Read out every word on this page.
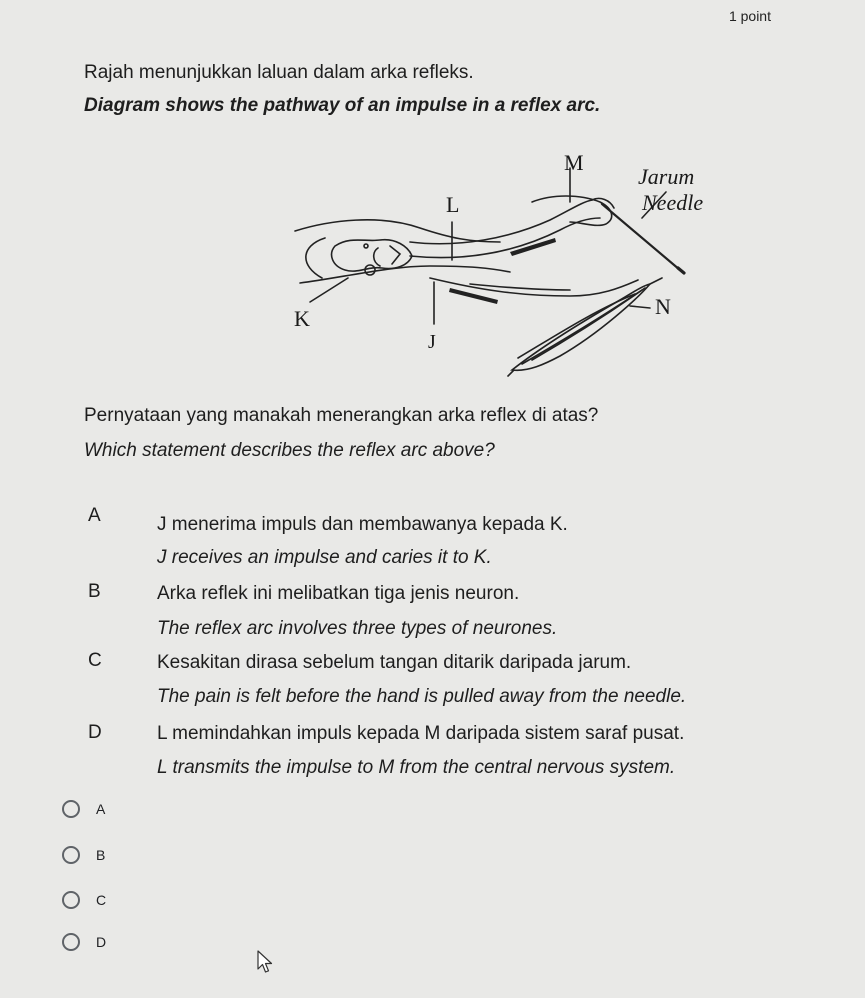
1 point
Rajah menunjukkan laluan dalam arka refleks.
Diagram shows the pathway of an impulse in a reflex arc.
M
Jarum
L	Needle
N
K
J
Pernyataan yang manakah menerangkan arka reflex di atas?
Which statement describes the reflex arc above?
A	J menerima impuls dan membawanya kepada K.
J receives an impulse and caries it to K.
B	Arka reflek ini melibatkan tiga jenis neuron.
The reflex arc involves three types of neurones.
C	Kesakitan dirasa sebelum tangan ditarik daripada jarum.
The pain is felt before the hand is pulled away from the needle.
D	L memindahkan impuls kepada M daripada sistem saraf pusat.
L transmits the impulse to M from the central nervous system.
A
B
C
D
